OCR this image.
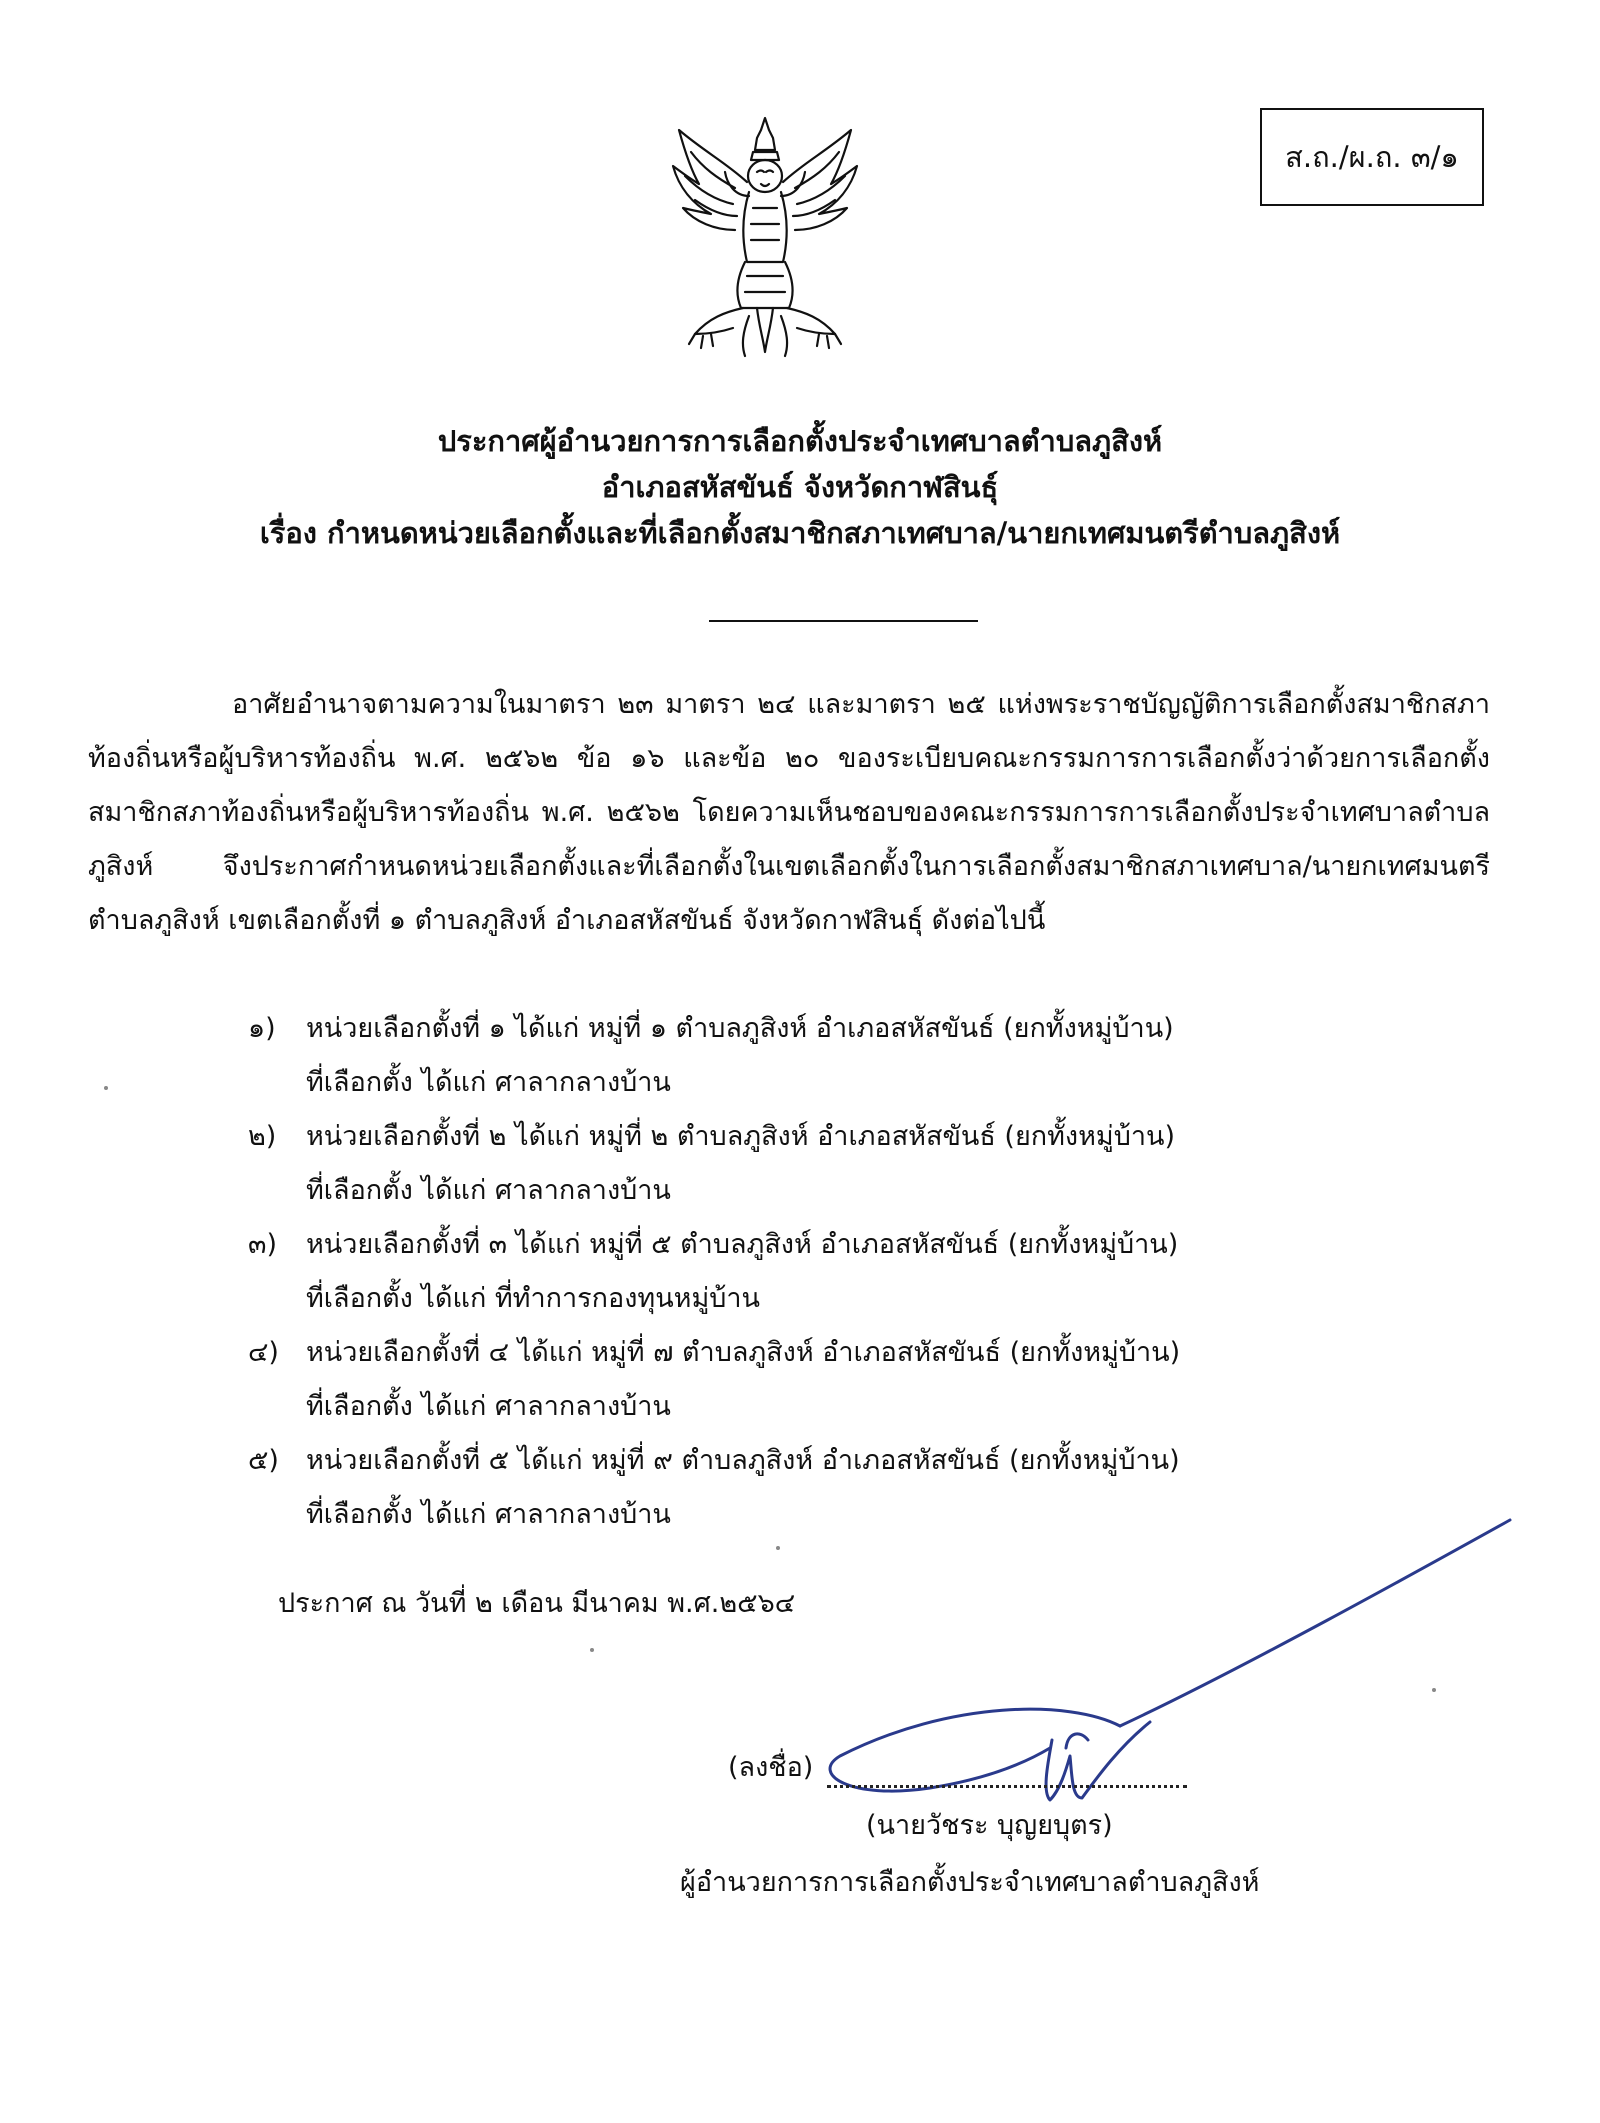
ส.ถ./ผ.ถ. ๓/๑
ประกาศผู้อำนวยการการเลือกตั้งประจำเทศบาลตำบลภูสิงห์
อำเภอสหัสขันธ์ จังหวัดกาฬสินธุ์
เรื่อง กำหนดหน่วยเลือกตั้งและที่เลือกตั้งสมาชิกสภาเทศบาล/นายกเทศมนตรีตำบลภูสิงห์
อาศัยอำนาจตามความในมาตรา ๒๓ มาตรา ๒๔ และมาตรา ๒๕ แห่งพระราชบัญญัติการเลือกตั้งสมาชิกสภาท้องถิ่นหรือผู้บริหารท้องถิ่น พ.ศ. ๒๕๖๒ ข้อ ๑๖ และข้อ ๒๐ ของระเบียบคณะกรรมการการเลือกตั้งว่าด้วยการเลือกตั้งสมาชิกสภาท้องถิ่นหรือผู้บริหารท้องถิ่น พ.ศ. ๒๕๖๒ โดยความเห็นชอบของคณะกรรมการการเลือกตั้งประจำเทศบาลตำบลภูสิงห์ จึงประกาศกำหนดหน่วยเลือกตั้งและที่เลือกตั้งในเขตเลือกตั้งในการเลือกตั้งสมาชิกสภาเทศบาล/นายกเทศมนตรีตำบลภูสิงห์ เขตเลือกตั้งที่ ๑ ตำบลภูสิงห์ อำเภอสหัสขันธ์ จังหวัดกาฬสินธุ์ ดังต่อไปนี้
๑)	หน่วยเลือกตั้งที่ ๑ ได้แก่ หมู่ที่ ๑ ตำบลภูสิงห์ อำเภอสหัสขันธ์ (ยกทั้งหมู่บ้าน)
ที่เลือกตั้ง ได้แก่ ศาลากลางบ้าน
๒)	หน่วยเลือกตั้งที่ ๒ ได้แก่ หมู่ที่ ๒ ตำบลภูสิงห์ อำเภอสหัสขันธ์ (ยกทั้งหมู่บ้าน)
ที่เลือกตั้ง ได้แก่ ศาลากลางบ้าน
๓)	หน่วยเลือกตั้งที่ ๓ ได้แก่ หมู่ที่ ๕ ตำบลภูสิงห์ อำเภอสหัสขันธ์ (ยกทั้งหมู่บ้าน)
ที่เลือกตั้ง ได้แก่ ที่ทำการกองทุนหมู่บ้าน
๔)	หน่วยเลือกตั้งที่ ๔ ได้แก่ หมู่ที่ ๗ ตำบลภูสิงห์ อำเภอสหัสขันธ์ (ยกทั้งหมู่บ้าน)
ที่เลือกตั้ง ได้แก่ ศาลากลางบ้าน
๕)	หน่วยเลือกตั้งที่ ๕ ได้แก่ หมู่ที่ ๙ ตำบลภูสิงห์ อำเภอสหัสขันธ์ (ยกทั้งหมู่บ้าน)
ที่เลือกตั้ง ได้แก่ ศาลากลางบ้าน
ประกาศ ณ วันที่ ๒ เดือน มีนาคม พ.ศ.๒๕๖๔
(ลงชื่อ)
(นายวัชระ บุญยบุตร)
ผู้อำนวยการการเลือกตั้งประจำเทศบาลตำบลภูสิงห์
